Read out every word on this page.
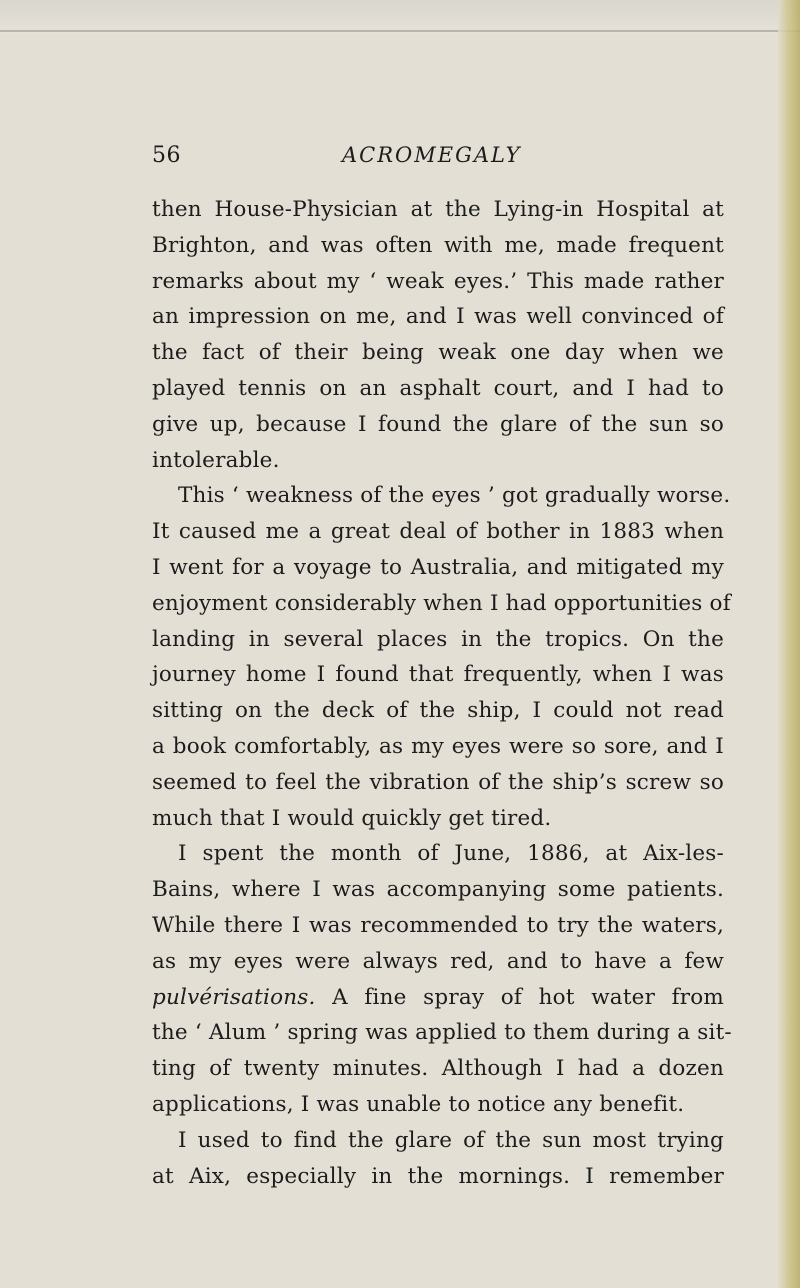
56	ACROMEGALY
then House-Physician at the Lying-in Hospital at
Brighton, and was often with me, made frequent
remarks about my ‘ weak eyes.’ This made rather
an impression on me, and I was well convinced of
the fact of their being weak one day when we
played tennis on an asphalt court, and I had to
give up, because I found the glare of the sun so
intolerable.
This ‘ weakness of the eyes ’ got gradually worse.
It caused me a great deal of bother in 1883 when
I went for a voyage to Australia, and mitigated my
enjoyment considerably when I had opportunities of
landing in several places in the tropics. On the
journey home I found that frequently, when I was
sitting on the deck of the ship, I could not read
a book comfortably, as my eyes were so sore, and I
seemed to feel the vibration of the ship’s screw so
much that I would quickly get tired.
I spent the month of June, 1886, at Aix-les-
Bains, where I was accompanying some patients.
While there I was recommended to try the waters,
as my eyes were always red, and to have a few
pulvérisations. A fine spray of hot water from
the ‘ Alum ’ spring was applied to them during a sit-
ting of twenty minutes. Although I had a dozen
applications, I was unable to notice any benefit.
I used to find the glare of the sun most trying
at Aix, especially in the mornings. I remember
